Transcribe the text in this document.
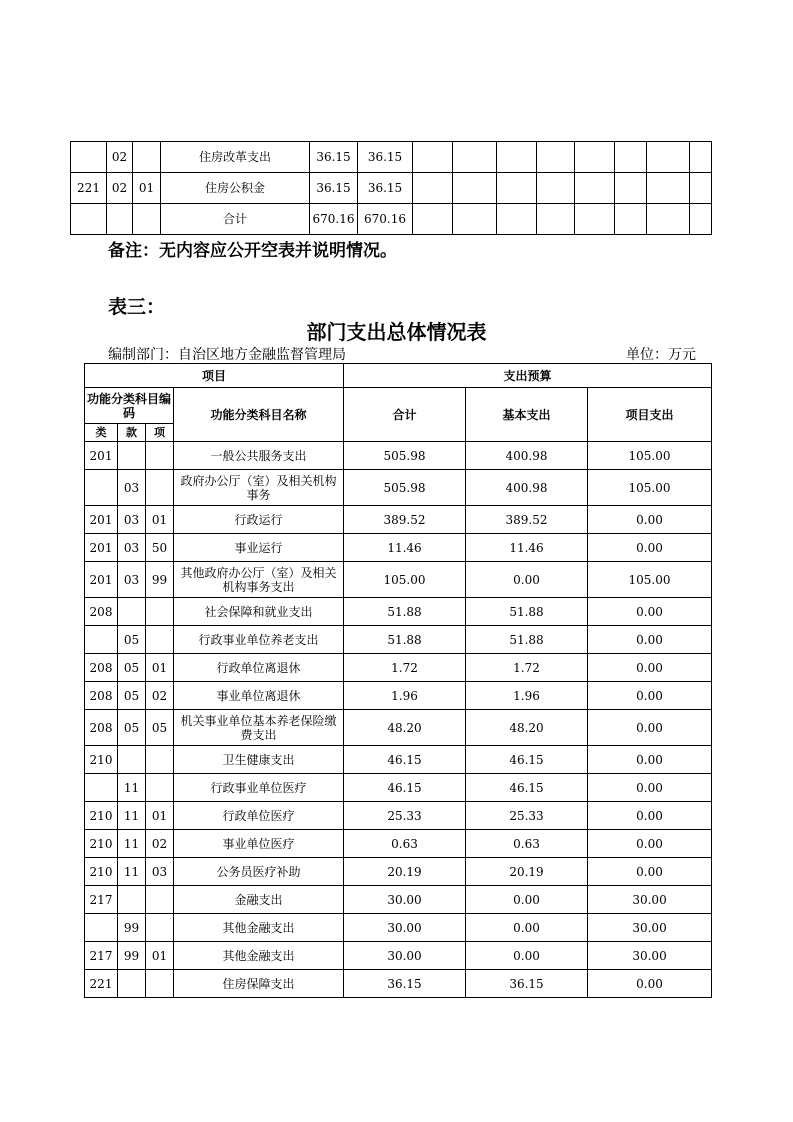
	02		住房改革支出	36.15	36.15								
221	02	01	住房公积金	36.15	36.15								
			合计	670.16	670.16								
备注：无内容应公开空表并说明情况。
表三：
部门支出总体情况表
编制部门：自治区地方金融监督管理局	单位：万元
项目				支出预算		
功能分类科目编码			功能分类科目名称	合计	基本支出	项目支出
类	款	项				
201			一般公共服务支出	505.98	400.98	105.00
	03		政府办公厅（室）及相关机构事务	505.98	400.98	105.00
201	03	01	行政运行	389.52	389.52	0.00
201	03	50	事业运行	11.46	11.46	0.00
201	03	99	其他政府办公厅（室）及相关机构事务支出	105.00	0.00	105.00
208			社会保障和就业支出	51.88	51.88	0.00
	05		行政事业单位养老支出	51.88	51.88	0.00
208	05	01	行政单位离退休	1.72	1.72	0.00
208	05	02	事业单位离退休	1.96	1.96	0.00
208	05	05	机关事业单位基本养老保险缴费支出	48.20	48.20	0.00
210			卫生健康支出	46.15	46.15	0.00
	11		行政事业单位医疗	46.15	46.15	0.00
210	11	01	行政单位医疗	25.33	25.33	0.00
210	11	02	事业单位医疗	0.63	0.63	0.00
210	11	03	公务员医疗补助	20.19	20.19	0.00
217			金融支出	30.00	0.00	30.00
	99		其他金融支出	30.00	0.00	30.00
217	99	01	其他金融支出	30.00	0.00	30.00
221			住房保障支出	36.15	36.15	0.00
